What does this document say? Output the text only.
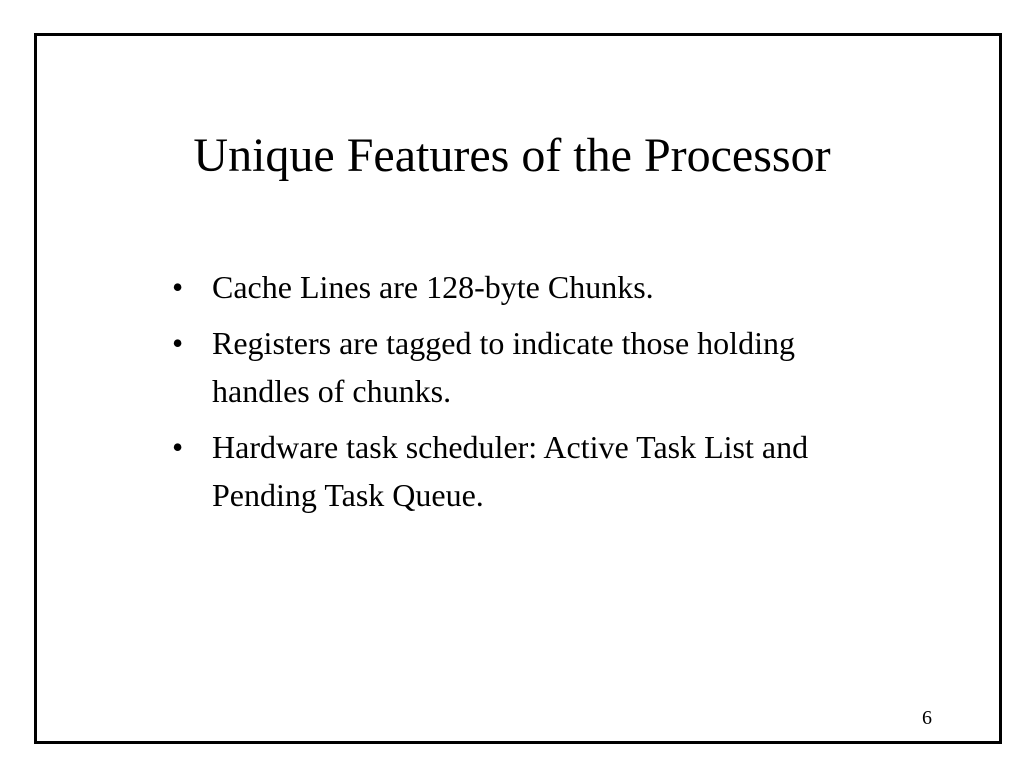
Unique Features of the Processor
• Cache Lines are 128-byte Chunks.
• Registers are tagged to indicate those holding handles of chunks.
• Hardware task scheduler: Active Task List and Pending Task Queue.
6
